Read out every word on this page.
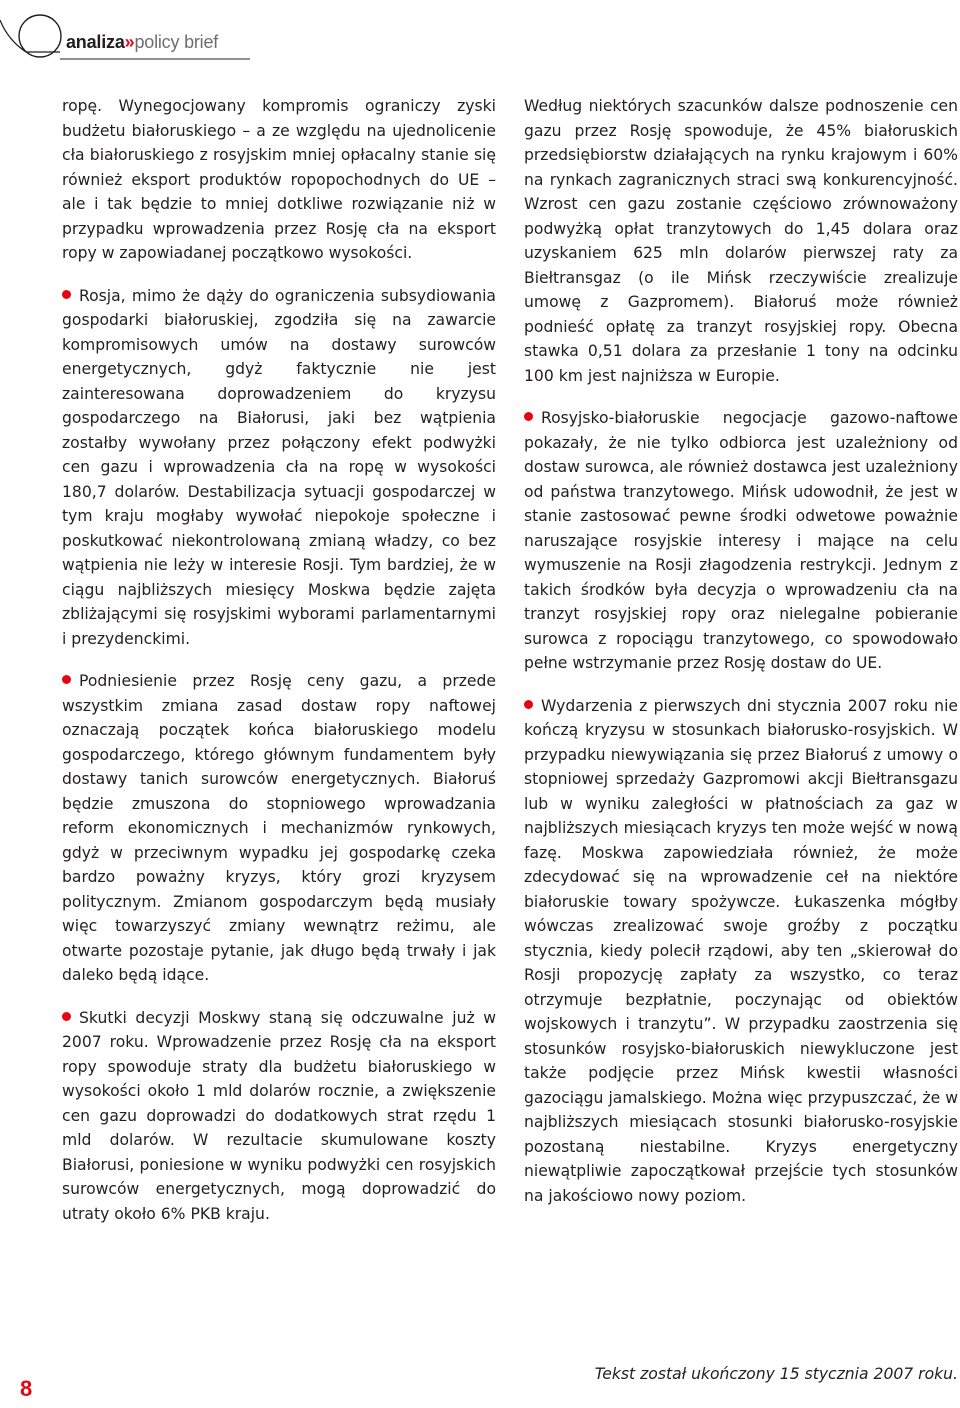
analiza»policy brief

ropę. Wynegocjowany kompromis ograniczy zyski budżetu białoruskiego – a ze względu na ujednolicenie cła białoruskiego z rosyjskim mniej opłacalny stanie się również eksport produktów ropopochodnych do UE – ale i tak będzie to mniej dotkliwe rozwiązanie niż w przypadku wprowadzenia przez Rosję cła na eksport ropy w zapowiadanej początkowo wysokości.

Rosja, mimo że dąży do ograniczenia subsydiowania gospodarki białoruskiej, zgodziła się na zawarcie kompromisowych umów na dostawy surowców energetycznych, gdyż faktycznie nie jest zainteresowana doprowadzeniem do kryzysu gospodarczego na Białorusi, jaki bez wątpienia zostałby wywołany przez połączony efekt podwyżki cen gazu i wprowadzenia cła na ropę w wysokości 180,7 dolarów. Destabilizacja sytuacji gospodarczej w tym kraju mogłaby wywołać niepokoje społeczne i poskutkować niekontrolowaną zmianą władzy, co bez wątpienia nie leży w interesie Rosji. Tym bardziej, że w ciągu najbliższych miesięcy Moskwa będzie zajęta zbliżającymi się rosyjskimi wyborami parlamentarnymi i prezydenckimi.

Podniesienie przez Rosję ceny gazu, a przede wszystkim zmiana zasad dostaw ropy naftowej oznaczają początek końca białoruskiego modelu gospodarczego, którego głównym fundamentem były dostawy tanich surowców energetycznych. Białoruś będzie zmuszona do stopniowego wprowadzania reform ekonomicznych i mechanizmów rynkowych, gdyż w przeciwnym wypadku jej gospodarkę czeka bardzo poważny kryzys, który grozi kryzysem politycznym. Zmianom gospodarczym będą musiały więc towarzyszyć zmiany wewnątrz reżimu, ale otwarte pozostaje pytanie, jak długo będą trwały i jak daleko będą idące.

Skutki decyzji Moskwy staną się odczuwalne już w 2007 roku. Wprowadzenie przez Rosję cła na eksport ropy spowoduje straty dla budżetu białoruskiego w wysokości około 1 mld dolarów rocznie, a zwiększenie cen gazu doprowadzi do dodatkowych strat rzędu 1 mld dolarów. W rezultacie skumulowane koszty Białorusi, poniesione w wyniku podwyżki cen rosyjskich surowców energetycznych, mogą doprowadzić do utraty około 6% PKB kraju.

Według niektórych szacunków dalsze podnoszenie cen gazu przez Rosję spowoduje, że 45% białoruskich przedsiębiorstw działających na rynku krajowym i 60% na rynkach zagranicznych straci swą konkurencyjność. Wzrost cen gazu zostanie częściowo zrównoważony podwyżką opłat tranzytowych do 1,45 dolara oraz uzyskaniem 625 mln dolarów pierwszej raty za Biełtransgaz (o ile Mińsk rzeczywiście zrealizuje umowę z Gazpromem). Białoruś może również podnieść opłatę za tranzyt rosyjskiej ropy. Obecna stawka 0,51 dolara za przesłanie 1 tony na odcinku 100 km jest najniższa w Europie.

Rosyjsko-białoruskie negocjacje gazowo-naftowe pokazały, że nie tylko odbiorca jest uzależniony od dostaw surowca, ale również dostawca jest uzależniony od państwa tranzytowego. Mińsk udowodnił, że jest w stanie zastosować pewne środki odwetowe poważnie naruszające rosyjskie interesy i mające na celu wymuszenie na Rosji złagodzenia restrykcji. Jednym z takich środków była decyzja o wprowadzeniu cła na tranzyt rosyjskiej ropy oraz nielegalne pobieranie surowca z ropociągu tranzytowego, co spowodowało pełne wstrzymanie przez Rosję dostaw do UE.

Wydarzenia z pierwszych dni stycznia 2007 roku nie kończą kryzysu w stosunkach białorusko-rosyjskich. W przypadku niewywiązania się przez Białoruś z umowy o stopniowej sprzedaży Gazpromowi akcji Biełtransgazu lub w wyniku zaległości w płatnościach za gaz w najbliższych miesiącach kryzys ten może wejść w nową fazę. Moskwa zapowiedziała również, że może zdecydować się na wprowadzenie ceł na niektóre białoruskie towary spożywcze. Łukaszenka mógłby wówczas zrealizować swoje groźby z początku stycznia, kiedy polecił rządowi, aby ten „skierował do Rosji propozycję zapłaty za wszystko, co teraz otrzymuje bezpłatnie, poczynając od obiektów wojskowych i tranzytu”. W przypadku zaostrzenia się stosunków rosyjsko-białoruskich niewykluczone jest także podjęcie przez Mińsk kwestii własności gazociągu jamalskiego. Można więc przypuszczać, że w najbliższych miesiącach stosunki białorusko-rosyjskie pozostaną niestabilne. Kryzys energetyczny niewątpliwie zapoczątkował przejście tych stosunków na jakościowo nowy poziom.

Tekst został ukończony 15 stycznia 2007 roku.
8
